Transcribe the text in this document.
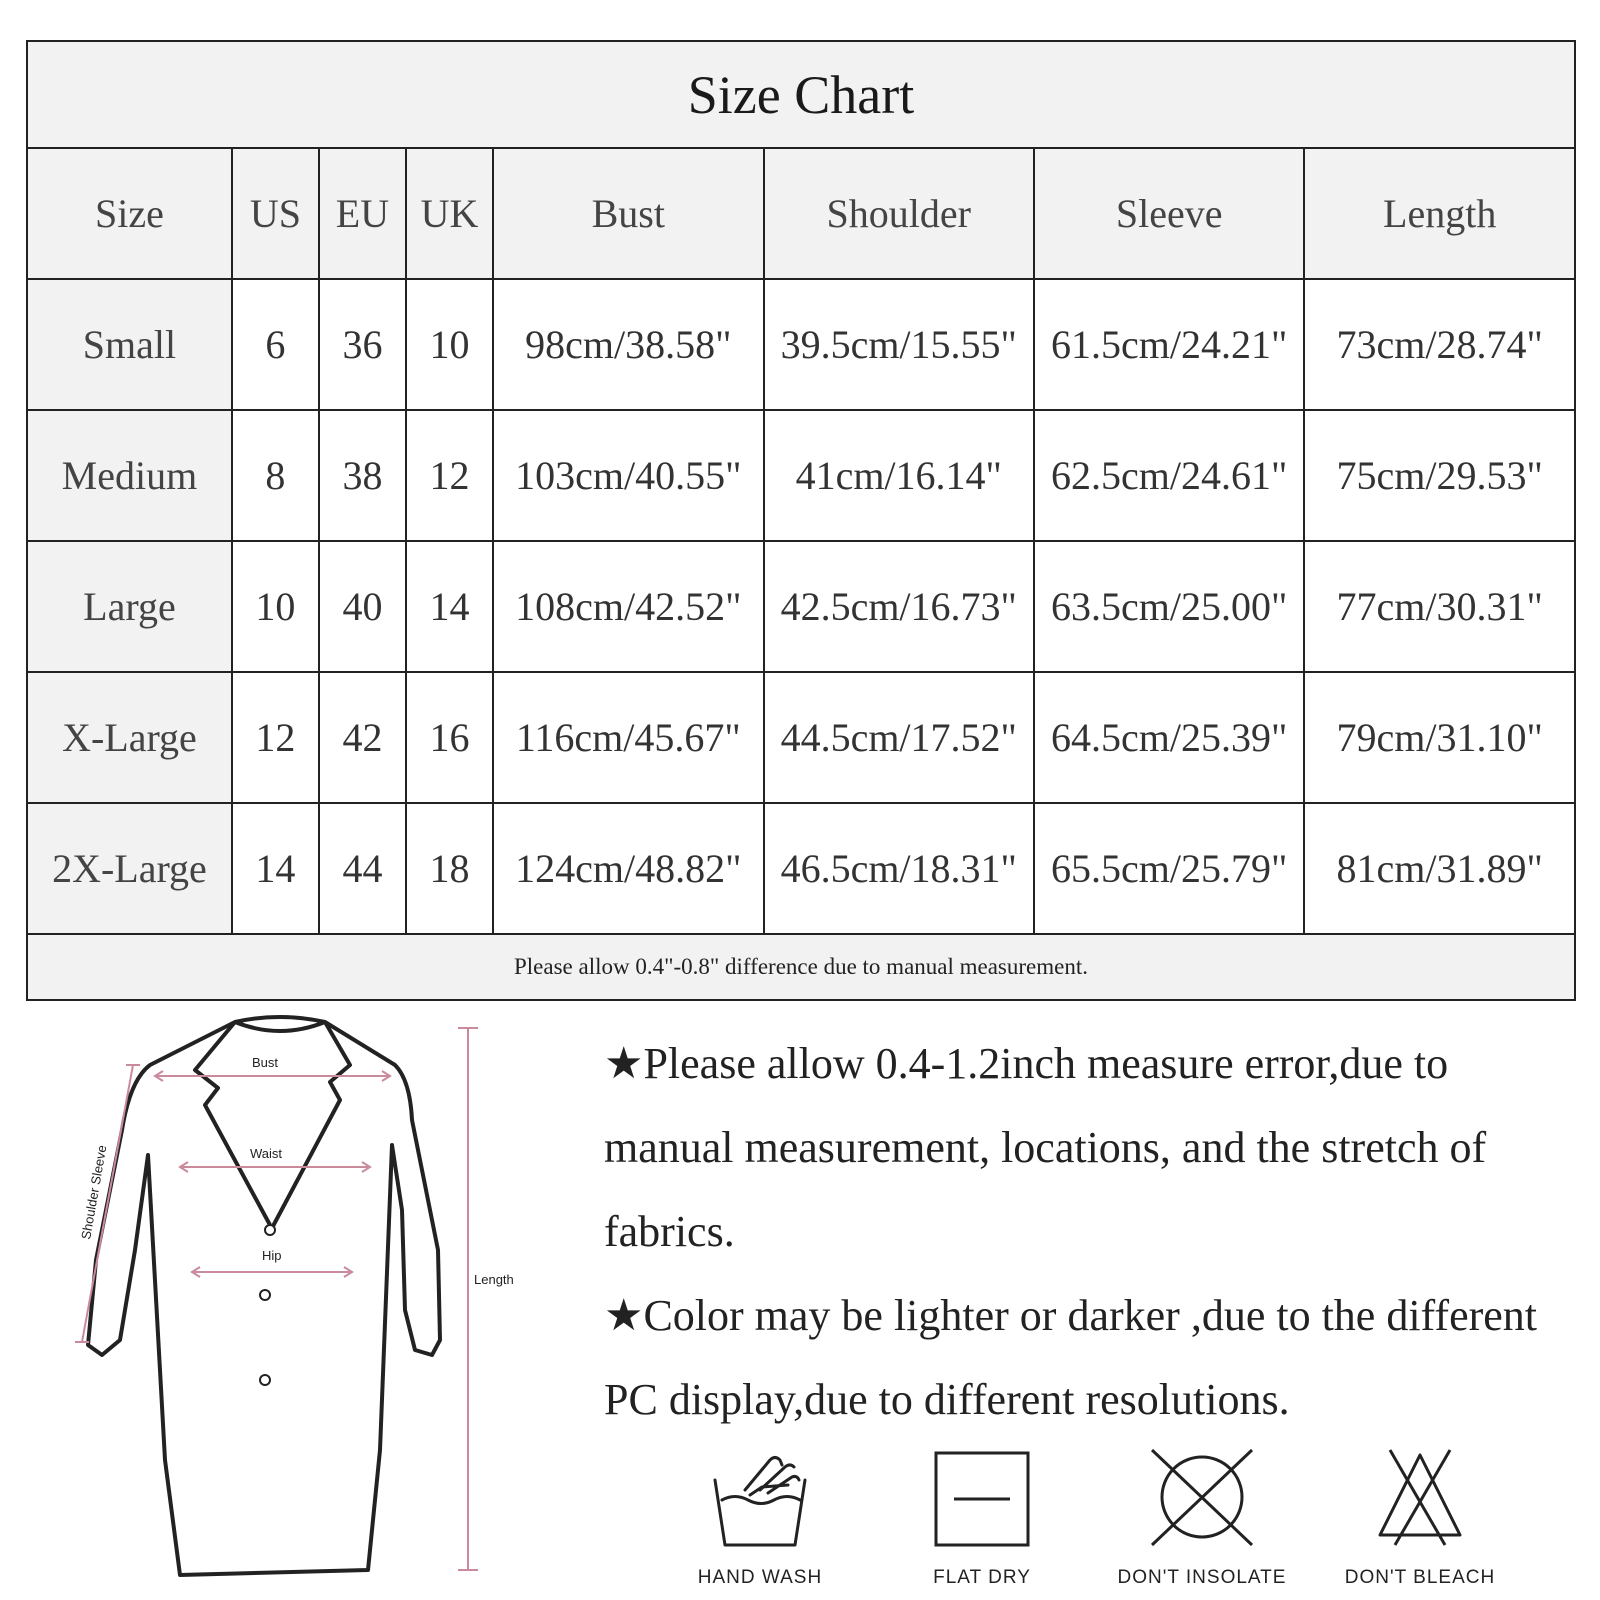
Size Chart							
Size	US	EU	UK	Bust	Shoulder	Sleeve	Length
Small	6	36	10	98cm/38.58"	39.5cm/15.55"	61.5cm/24.21"	73cm/28.74"
Medium	8	38	12	103cm/40.55"	41cm/16.14"	62.5cm/24.61"	75cm/29.53"
Large	10	40	14	108cm/42.52"	42.5cm/16.73"	63.5cm/25.00"	77cm/30.31"
X-Large	12	42	16	116cm/45.67"	44.5cm/17.52"	64.5cm/25.39"	79cm/31.10"
2X-Large	14	44	18	124cm/48.82"	46.5cm/18.31"	65.5cm/25.79"	81cm/31.89"
Please allow 0.4"-0.8" difference due to manual measurement.							
Bust
Waist
Hip
Shoulder Sleeve
Length

★Please allow 0.4-1.2inch measure error,due to manual measurement, locations, and the stretch of fabrics.

★Color may be lighter or darker ,due to the different PC display,due to different resolutions.

HAND WASH	FLAT DRY	DON'T INSOLATE	DON'T BLEACH
